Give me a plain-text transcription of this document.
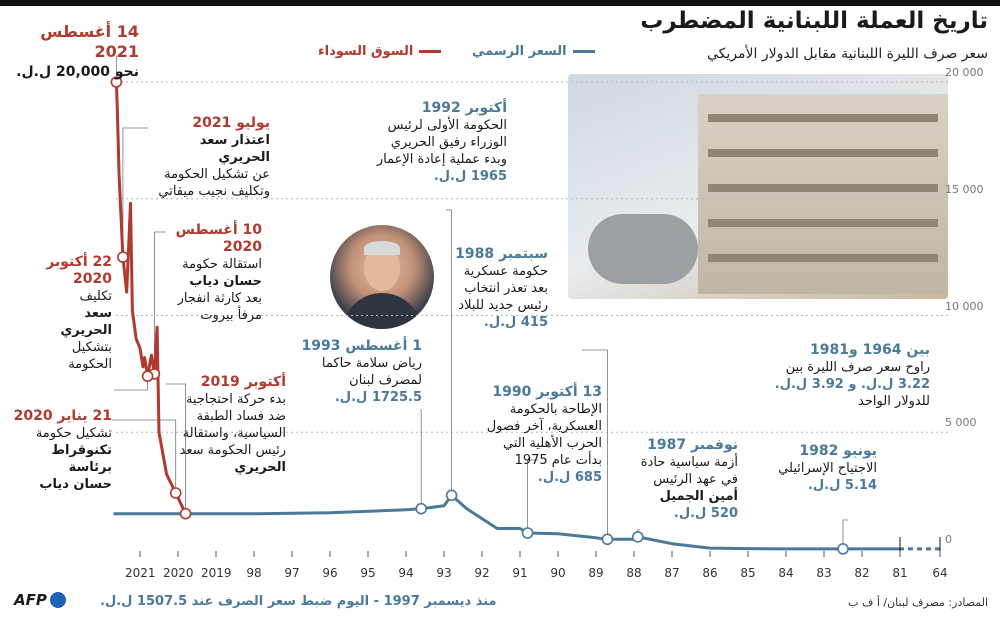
تاريخ العملة اللبنانية المضطرب
سعر صرف الليرة اللبنانية مقابل الدولار الأمريكي
السعر الرسمي
السوق السوداء
20 000
15 000
10 000
5 000
0
2021 2020 2019	98	97	96	95	94	93	92	91	90	89	88	87	86	85	84	83	82	81	64
14 أغسطس 2021
نحو 20,000 ل.ل.
يوليو 2021
اعتذار سعد الحريري
عن تشكيل الحكومة
وتكليف نجيب ميقاتي
10 أغسطس 2020
استقالة حكومة
حسان دياب
بعد كارثة انفجار
مرفأ بيروت
22 أكتوبر 2020
تكليف
سعد الحريري
بتشكيل
الحكومة
أكتوبر 2019
بدء حركة احتجاجية
ضد فساد الطبقة
السياسية، واستقالة
رئيس الحكومة سعد
الحريري
21 يناير 2020
تشكيل حكومة
تكنوقراط برئاسة
حسان دياب
أكتوبر 1992
الحكومة الأولى لرئيس
الوزراء رفيق الحريري
وبدء عملية إعادة الإعمار
1965 ل.ل.
سبتمبر 1988
حكومة عسكرية
بعد تعذر انتخاب
رئيس جديد للبلاد
415 ل.ل.
1 أغسطس 1993
رياض سلامة حاكما
لمصرف لبنان
1725.5 ل.ل.	13 أكتوبر 1990
الإطاحة بالحكومة
العسكرية، آخر فصول
الحرب الأهلية التي
بدأت عام 1975
685 ل.ل.
نوفمبر 1987
أزمة سياسية حادة
في عهد الرئيس
أمين الجميل
520 ل.ل.
يونيو 1982
الاجتياح الإسرائيلي
5.14 ل.ل.
بين 1964 و1981
راوح سعر صرف الليرة بين
3.22 ل.ل. و 3.92 ل.ل.
للدولار الواحد
منذ ديسمبر 1997 - اليوم ضبط سعر الصرف عند 1507.5 ل.ل.	المصادر: مصرف لبنان/ أ ف ب
AFP
